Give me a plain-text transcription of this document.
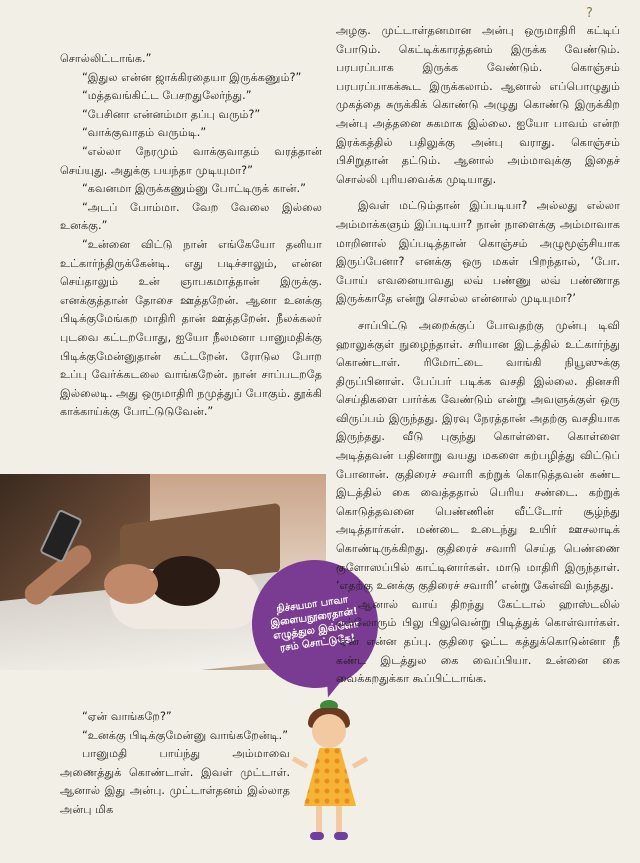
?

சொல்லிட்டாங்க.”

“இதுல என்ன ஜாக்கிரதையா இருக்கணும்?”

“மத்தவங்கிட்ட பேசறதுலேர்ந்து.”

“பேசினா என்னம்மா தப்பு வரும்?”

“வாக்குவாதம் வரும்டி.”

“எல்லா நேரமும் வாக்குவாதம் வரத்தான் செய்யுது. அதுக்கு பயந்தா முடியுமா?”

“கவனமா இருக்கணும்னு போட்டிருக் கான்.”

“அடப் போம்மா. வேற வேலை இல்லை உனக்கு.”

“உன்னை விட்டு நான் எங்கேயோ தனியா உட்கார்ந்திருக்கேன்டி. எது படிச்சாலும், என்ன செய்தாலும் உன் ஞாபகமாத்தான் இருக்கு. எனக்குத்தான் தோசை ஊத்தறேன். ஆனா உனக்கு பிடிக்குமேங்கற மாதிரி தான் ஊத்தறேன். நீலக்கலர் புடவை கட்டறபோது, ஐயோ நீலமனா பானுமதிக்கு பிடிக்குமேன்னுதான் கட்டறேன். ரோடுல போற உப்பு வேர்க்கடலை வாங்கறேன். நான் சாப்படறதே இல்லைடி. அது ஒருமாதிரி நமுத்துப் போகும். தூக்கி காக்காய்க்கு போட்டுடுவேன்.”

நிச்சயமா பாவா இளையநூரைதான்! எழுத்துல இவ்ளோ ரசம் சொட்டுதே!

“ஏன் வாங்கறே?”

“உனக்கு பிடிக்குமேன்னு வாங்கறேன்டி.”

பானுமதி பாய்ந்து அம்மாவை அணைத்துக் கொண்டாள். இவள் முட்டாள். ஆனால் இது அன்பு. முட்டாள்தனம் இல்லாத அன்பு மிக

அழகு. முட்டாள்தனமான அன்பு ஒருமாதிரி கட்டிப் போடும். கெட்டிக்காரத்தனம் இருக்க வேண்டும். பரபரப்பாக இருக்க வேண்டும். கொஞ்சம் பரபரப்பாகக்கூட இருக்கலாம். ஆனால் எப்பொழுதும் முகத்தை சுருக்கிக் கொண்டு அழுது கொண்டு இருக்கிற அன்பு அத்தனை சுகமாக இல்லை. ஐயோ பாவம் என்ற இரக்கத்தில் பதிலுக்கு அன்பு வராது. கொஞ்சம் பிசிறுதான் தட்டும். ஆனால் அம்மாவுக்கு இதைச் சொல்லி புரியவைக்க முடியாது.

இவள் மட்டும்தான் இப்படியா? அல்லது எல்லா அம்மாக்களும் இப்படியா? நான் நாளைக்கு அம்மாவாக மாறினால் இப்படித்தான் கொஞ்சம் அழுமூஞ்சியாக இருப்பேனா? எனக்கு ஒரு மகள் பிறந்தால், ‘போ. போய் எவனையாவது லவ் பண்ணு லவ் பண்ணாத இருக்காதே என்று சொல்ல என்னால் முடியுமா?’

சாப்பிட்டு அறைக்குப் போவதற்கு முன்பு டிவி ஹாலுக்குள் நுழைந்தாள். சரியான இடத்தில் உட்கார்ந்து கொண்டாள். ரிமோட்டை வாங்கி நியூஸுக்கு திருப்பினாள். பேப்பர் படிக்க வசதி இல்லை. தினசரி செய்திகளை பார்க்க வேண்டும் என்று அவளுக்குள் ஒரு விருப்பம் இருந்தது. இரவு நேரத்தான் அதற்கு வசதியாக இருந்தது. வீடு புகுந்து கொள்ளை. கொள்ளை அடித்தவன் பதினாறு வயது மகளை கற்பழித்து விட்டுப் போனான். குதிரைச் சவாரி கற்றுக் கொடுத்தவன் கண்ட இடத்தில் கை வைத்ததால் பெரிய சண்டை. கற்றுக் கொடுத்தவனை பெண்ணின் வீட்டோர் சூழ்ந்து அடித்தார்கள். மண்டை உடைந்து உயிர் ஊசலாடிக் கொண்டிருக்கிறது. குதிரைச் சவாரி செய்த பெண்ணை குளோஸப்பில் காட்டினார்கள். மாடு மாதிரி இருந்தாள். ‘எதற்கு உனக்கு குதிரைச் சவாரி’ என்று கேள்வி வந்தது.

ஆனால் வாய் திறந்து கேட்டால் ஹாஸ்டலில் எல்லோரும் பிலு பிலுவென்று பிடித்துக் கொள்வார்கள். ‘ஏன் என்ன தப்பு. குதிரை ஓட்ட கத்துக்கொடுன்னா நீ கண்ட இடத்துல கை வைப்பியா. உன்னை கை வைக்கறதுக்கா கூப்பிட்டாங்க.
